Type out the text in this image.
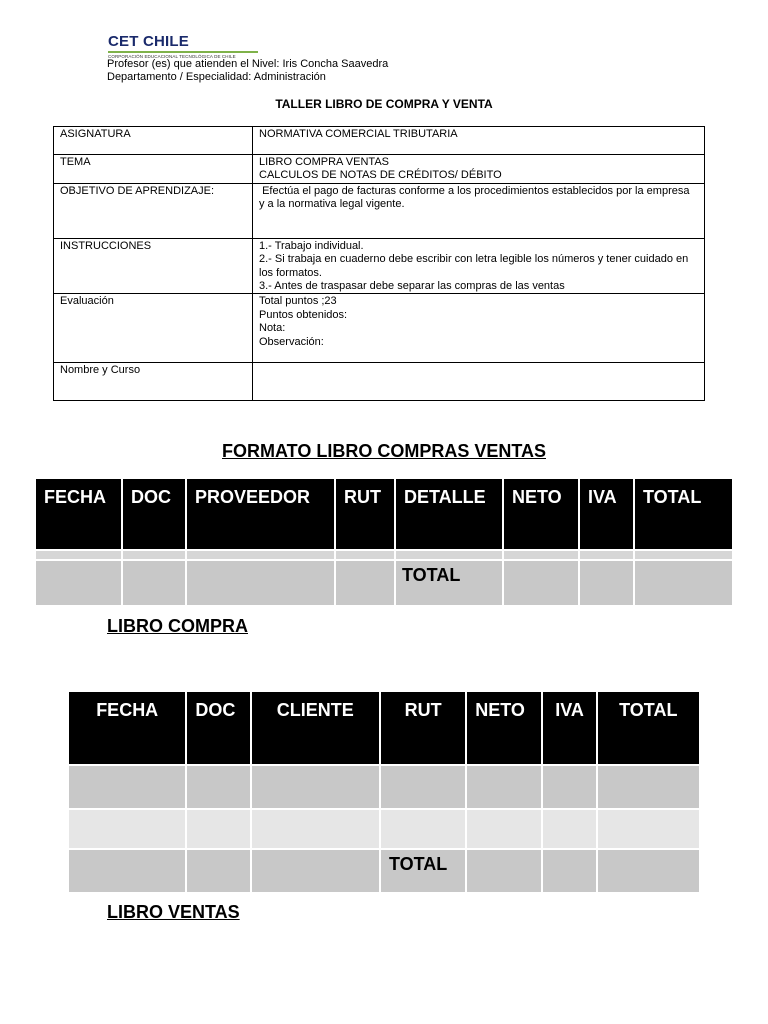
CET CHILE
CORPORACIÓN EDUCACIONAL TECNOLÓGICA DE CHILE
Profesor (es) que atienden el Nivel: Iris Concha Saavedra
Departamento / Especialidad: Administración
TALLER LIBRO DE COMPRA Y VENTA
ASIGNATURA	NORMATIVA COMERCIAL TRIBUTARIA
TEMA	LIBRO COMPRA VENTAS
CALCULOS DE NOTAS DE CRÉDITOS/ DÉBITO

OBJETIVO DE APRENDIZAJE:	Efectúa el pago de facturas conforme a los procedimientos establecidos por la empresa y a la normativa legal vigente.
INSTRUCCIONES	1.- Trabajo individual.
2.- Si trabaja en cuaderno debe escribir con letra legible los números y tener cuidado en los formatos.
3.- Antes de traspasar debe separar las compras de las ventas

Evaluación	Total puntos ;23
Puntos obtenidos:
Nota:
Observación:

Nombre y Curso	
FORMATO LIBRO COMPRAS VENTAS
FECHA	DOC	PROVEEDOR	RUT	DETALLE	NETO	IVA	TOTAL

				TOTAL			

LIBRO COMPRA
FECHA	DOC	CLIENTE	RUT	NETO	IVA	TOTAL

			TOTAL			

LIBRO VENTAS
